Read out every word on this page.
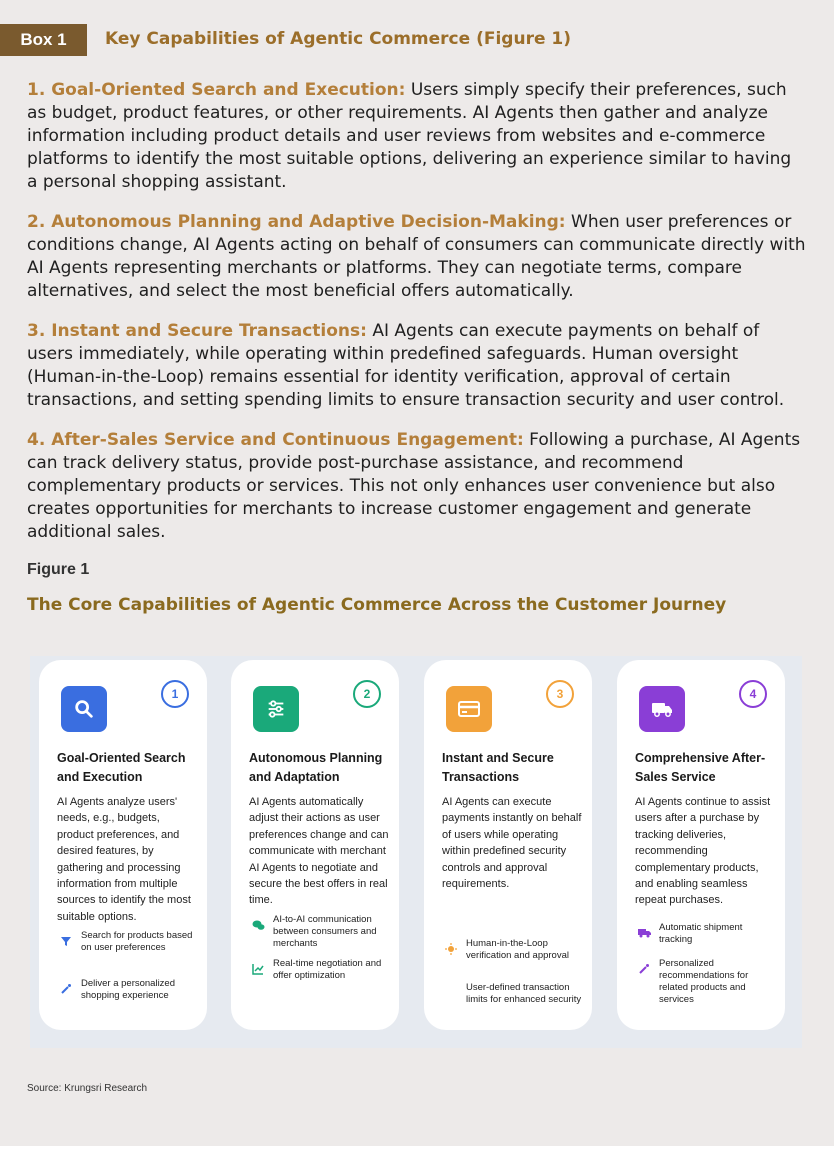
Box 1	Key Capabilities of Agentic Commerce (Figure 1)

1. Goal-Oriented Search and Execution: Users simply specify their preferences, such as budget, product features, or other requirements. AI Agents then gather and analyze information including product details and user reviews from websites and e-commerce platforms to identify the most suitable options, delivering an experience similar to having a personal shopping assistant.

2. Autonomous Planning and Adaptive Decision-Making: When user preferences or conditions change, AI Agents acting on behalf of consumers can communicate directly with AI Agents representing merchants or platforms. They can negotiate terms, compare alternatives, and select the most beneficial offers automatically.

3. Instant and Secure Transactions: AI Agents can execute payments on behalf of users immediately, while operating within predefined safeguards. Human oversight (Human-in-the-Loop) remains essential for identity verification, approval of certain transactions, and setting spending limits to ensure transaction security and user control.

4. After-Sales Service and Continuous Engagement: Following a purchase, AI Agents can track delivery status, provide post-purchase assistance, and recommend complementary products or services. This not only enhances user convenience but also creates opportunities for merchants to increase customer engagement and generate additional sales.

Figure 1
The Core Capabilities of Agentic Commerce Across the Customer Journey
1
Goal-Oriented Search and Execution
AI Agents analyze users' needs, e.g., budgets, product preferences, and desired features, by gathering and processing information from multiple sources to identify the most suitable options.
Search for products based on user preferences
Deliver a personalized shopping experience
2
Autonomous Planning and Adaptation
AI Agents automatically adjust their actions as user preferences change and can communicate with merchant AI Agents to negotiate and secure the best offers in real time.
AI-to-AI communication between consumers and merchants
Real-time negotiation and offer optimization
3
Instant and Secure Transactions
AI Agents can execute payments instantly on behalf of users while operating within predefined security controls and approval requirements.
Human-in-the-Loop verification and approval
User-defined transaction limits for enhanced security
4
Comprehensive After-Sales Service
AI Agents continue to assist users after a purchase by tracking deliveries, recommending complementary products, and enabling seamless repeat purchases.
Automatic shipment tracking
Personalized recommendations for related products and services
Source: Krungsri Research
